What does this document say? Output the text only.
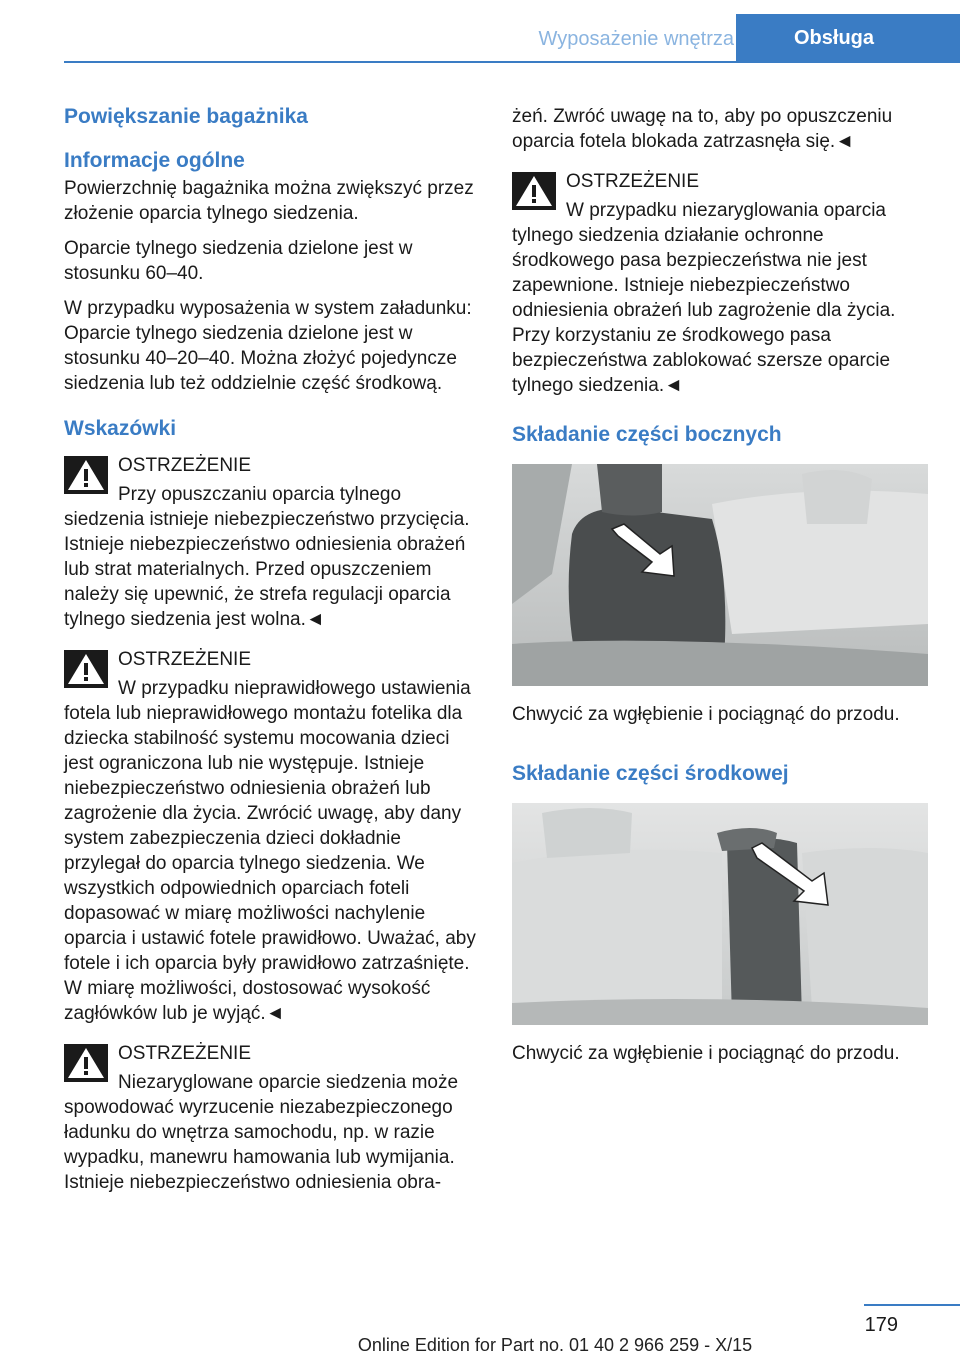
Wyposażenie wnętrza	Obsługa
Powiększanie bagażnika
Informacje ogólne

Powierzchnię bagażnika można zwiększyć przez złożenie oparcia tylnego siedzenia.

Oparcie tylnego siedzenia dzielone jest w stosunku 60–40.

W przypadku wyposażenia w system załadunku: Oparcie tylnego siedzenia dzielone jest w stosunku 40–20–40. Można złożyć pojedyncze siedzenia lub też oddzielnie część środkową.

Wskazówki
OSTRZEŻENIE
Przy opuszczaniu oparcia tylnego siedzenia istnieje niebezpieczeństwo przycięcia. Istnieje niebezpieczeństwo odniesienia obrażeń lub strat materialnych. Przed opuszczeniem należy się upewnić, że strefa regulacji oparcia tylnego siedzenia jest wolna.◄
OSTRZEŻENIE
W przypadku nieprawidłowego ustawienia fotela lub nieprawidłowego montażu fotelika dla dziecka stabilność systemu mocowania dzieci jest ograniczona lub nie występuje. Istnieje niebezpieczeństwo odniesienia obrażeń lub zagrożenie dla życia. Zwrócić uwagę, aby dany system zabezpieczenia dzieci dokładnie przylegał do oparcia tylnego siedzenia. We wszystkich odpowiednich oparciach foteli dopasować w miarę możliwości nachylenie oparcia i ustawić fotele prawidłowo. Uważać, aby fotele i ich oparcia były prawidłowo zatrzaśnięte. W miarę możliwości, dostosować wysokość zagłówków lub je wyjąć.◄
OSTRZEŻENIE
Niezaryglowane oparcie siedzenia może spowodować wyrzucenie niezabezpieczonego ładunku do wnętrza samochodu, np. w razie wypadku, manewru hamowania lub wymijania. Istnieje niebezpieczeństwo odniesienia obra-

żeń. Zwróć uwagę na to, aby po opuszczeniu oparcia fotela blokada zatrzasnęła się.◄

OSTRZEŻENIE
W przypadku niezaryglowania oparcia tylnego siedzenia działanie ochronne środkowego pasa bezpieczeństwa nie jest zapewnione. Istnieje niebezpieczeństwo odniesienia obrażeń lub zagrożenie dla życia. Przy korzystaniu ze środkowego pasa bezpieczeństwa zablokować szersze oparcie tylnego siedzenia.◄
Składanie części bocznych

Chwycić za wgłębienie i pociągnąć do przodu.

Składanie części środkowej

Chwycić za wgłębienie i pociągnąć do przodu.

179
Online Edition for Part no. 01 40 2 966 259 - X/15
